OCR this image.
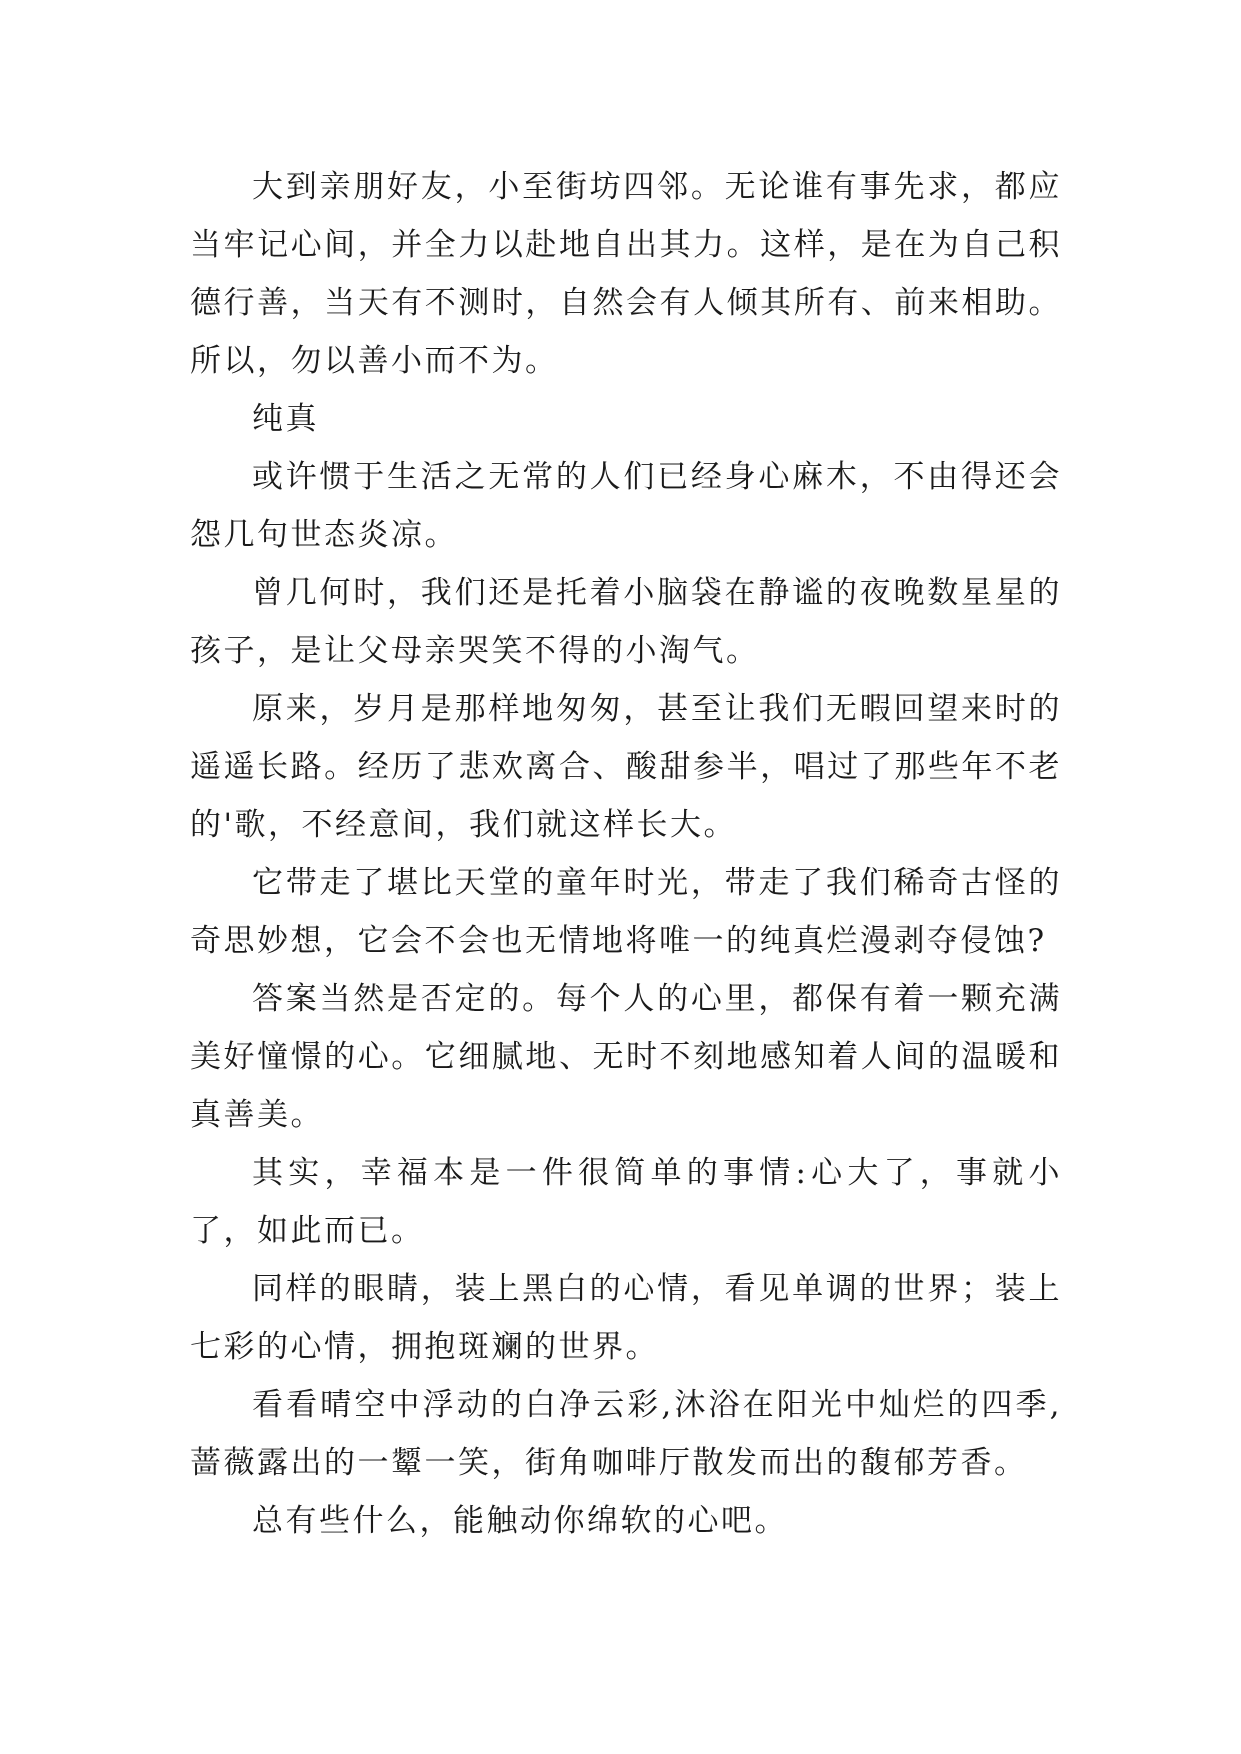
大到亲朋好友，小至街坊四邻。无论谁有事先求，都应当牢记心间，并全力以赴地自出其力。这样，是在为自己积德行善，当天有不测时，自然会有人倾其所有、前来相助。所以，勿以善小而不为。

纯真

或许惯于生活之无常的人们已经身心麻木，不由得还会怨几句世态炎凉。

曾几何时，我们还是托着小脑袋在静谧的夜晚数星星的孩子，是让父母亲哭笑不得的小淘气。

原来，岁月是那样地匆匆，甚至让我们无暇回望来时的遥遥长路。经历了悲欢离合、酸甜参半，唱过了那些年不老的'歌，不经意间，我们就这样长大。

它带走了堪比天堂的童年时光，带走了我们稀奇古怪的奇思妙想，它会不会也无情地将唯一的纯真烂漫剥夺侵蚀?

答案当然是否定的。每个人的心里，都保有着一颗充满美好憧憬的心。它细腻地、无时不刻地感知着人间的温暖和真善美。

其实，幸福本是一件很简单的事情:心大了，事就小了，如此而已。

同样的眼睛，装上黑白的心情，看见单调的世界；装上七彩的心情，拥抱斑斓的世界。

看看晴空中浮动的白净云彩,沐浴在阳光中灿烂的四季,蔷薇露出的一颦一笑，街角咖啡厅散发而出的馥郁芳香。

总有些什么，能触动你绵软的心吧。
